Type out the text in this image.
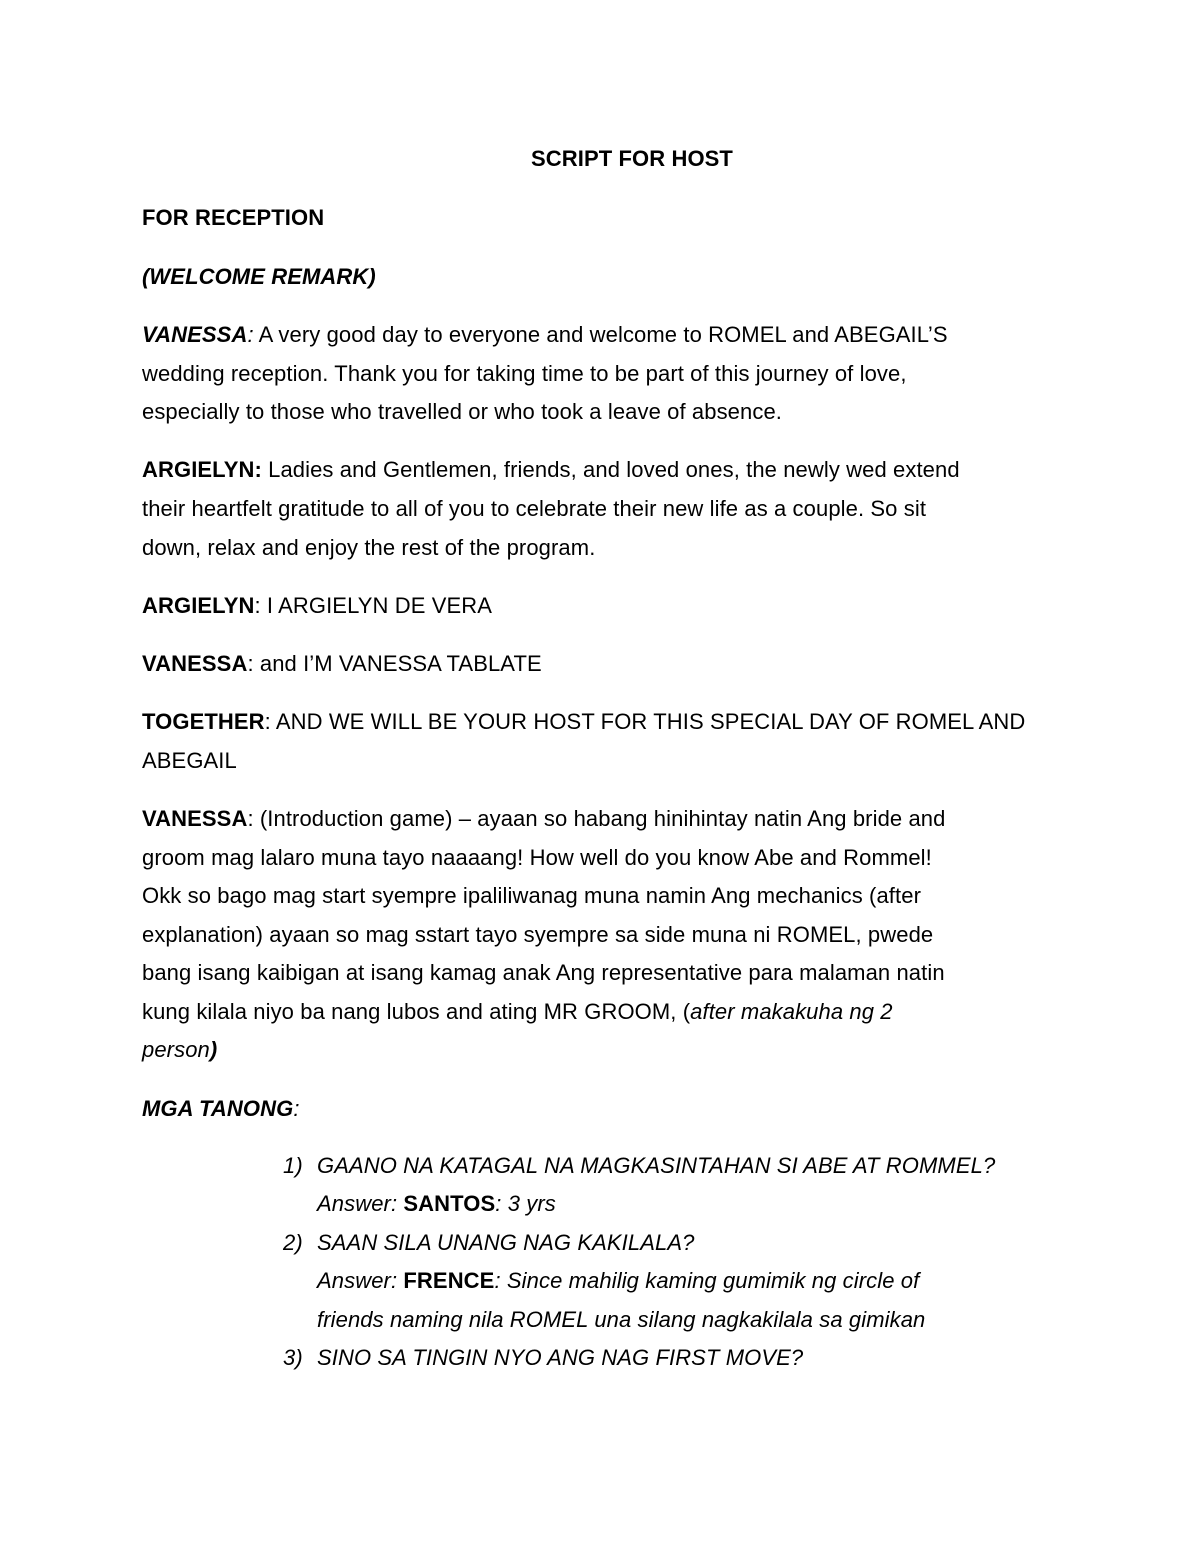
SCRIPT FOR HOST
FOR RECEPTION
(WELCOME REMARK)
VANESSA: A very good day to everyone and welcome to ROMEL and ABEGAIL’S
wedding reception. Thank you for taking time to be part of this journey of love,
especially to those who travelled or who took a leave of absence.
ARGIELYN: Ladies and Gentlemen, friends, and loved ones, the newly wed extend
their heartfelt gratitude to all of you to celebrate their new life as a couple. So sit
down, relax and enjoy the rest of the program.
ARGIELYN: I ARGIELYN DE VERA
VANESSA: and I’M VANESSA TABLATE
TOGETHER: AND WE WILL BE YOUR HOST FOR THIS SPECIAL DAY OF ROMEL AND
ABEGAIL
VANESSA: (Introduction game) – ayaan so habang hinihintay natin Ang bride and
groom mag lalaro muna tayo naaaang! How well do you know Abe and Rommel!
Okk so bago mag start syempre ipaliliwanag muna namin Ang mechanics (after
explanation) ayaan so mag sstart tayo syempre sa side muna ni ROMEL, pwede
bang isang kaibigan at isang kamag anak Ang representative para malaman natin
kung kilala niyo ba nang lubos and ating MR GROOM, (after makakuha ng 2
person)
MGA TANONG:
1) GAANO NA KATAGAL NA MAGKASINTAHAN SI ABE AT ROMMEL?
Answer: SANTOS: 3 yrs
2) SAAN SILA UNANG NAG KAKILALA?
Answer: FRENCE: Since mahilig kaming gumimik ng circle of
friends naming nila ROMEL una silang nagkakilala sa gimikan
3) SINO SA TINGIN NYO ANG NAG FIRST MOVE?
